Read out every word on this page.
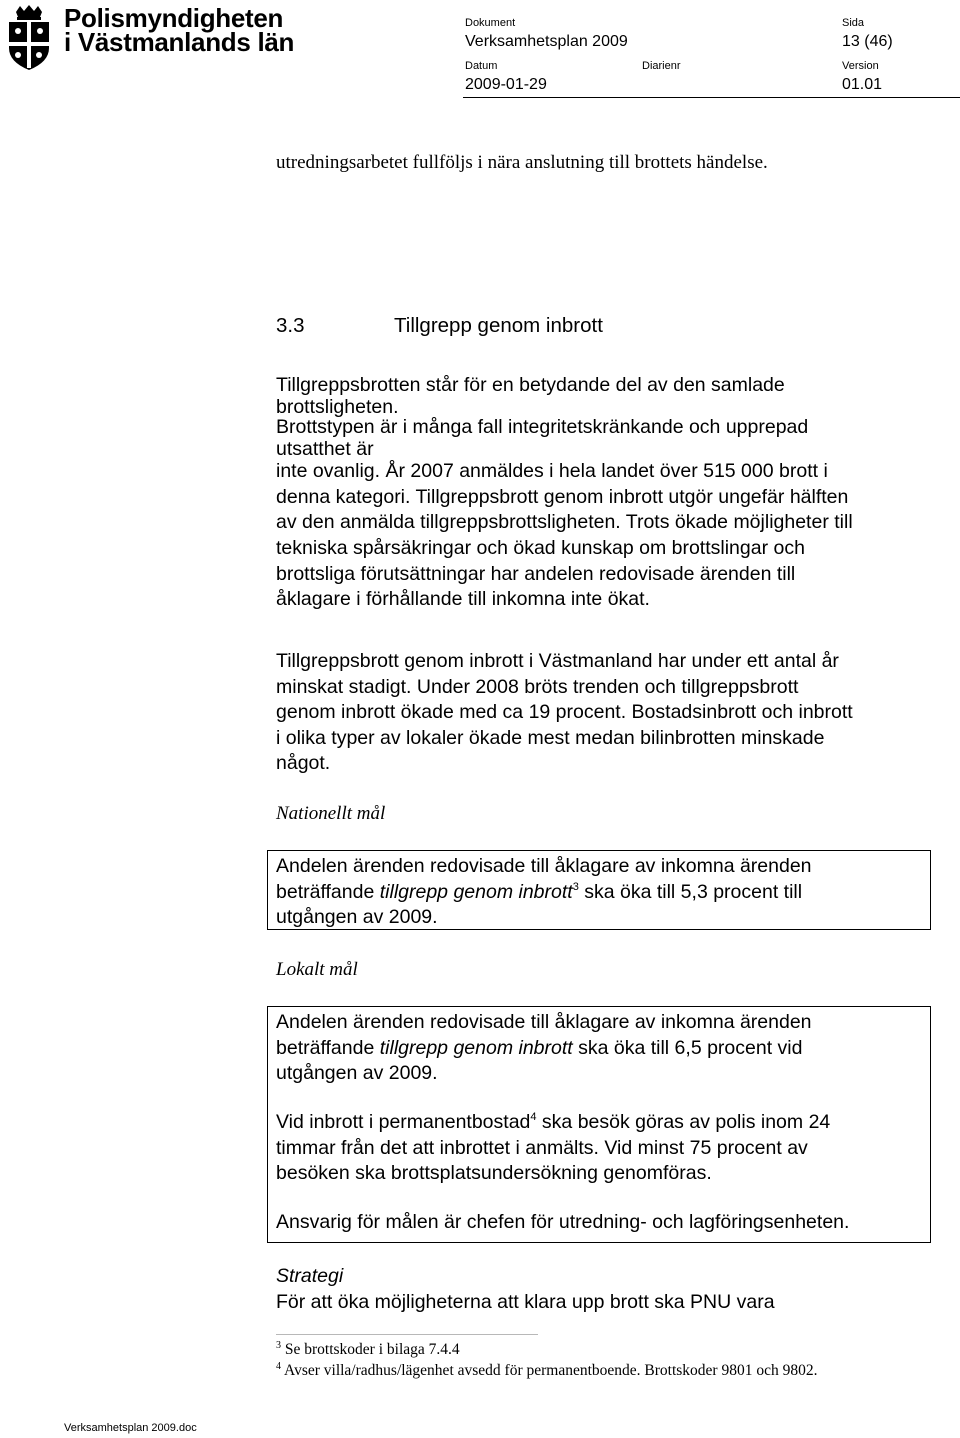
Polismyndigheten
i Västmanlands län
Dokument
Verksamhetsplan 2009
Sida
13 (46)
Datum
2009-01-29
Diarienr	Version
01.01
utredningsarbetet fullföljs i nära anslutning till brottets händelse.
3.3	Tillgrepp genom inbrott
Tillgreppsbrotten står för en betydande del av den samlade
brottsligheten.
Brottstypen är i många fall integritetskränkande och upprepad
utsatthet är
inte ovanlig. År 2007 anmäldes i hela landet över 515 000 brott i
denna kategori. Tillgreppsbrott genom inbrott utgör ungefär hälften
av den anmälda tillgreppsbrottsligheten. Trots ökade möjligheter till
tekniska spårsäkringar och ökad kunskap om brottslingar och
brottsliga förutsättningar har andelen redovisade ärenden till
åklagare i förhållande till inkomna inte ökat.
Tillgreppsbrott genom inbrott i Västmanland har under ett antal år
minskat stadigt. Under 2008 bröts trenden och tillgreppsbrott
genom inbrott ökade med ca 19 procent. Bostadsinbrott och inbrott
i olika typer av lokaler ökade mest medan bilinbrotten minskade
något.
Nationellt mål
Andelen ärenden redovisade till åklagare av inkomna ärenden
beträffande tillgrepp genom inbrott$^3$ ska öka till 5,3 procent till
utgången av 2009.
Lokalt mål
Andelen ärenden redovisade till åklagare av inkomna ärenden
beträffande tillgrepp genom inbrott ska öka till 6,5 procent vid
utgången av 2009.
Vid inbrott i permanentbostad$^4$ ska besök göras av polis inom 24
timmar från det att inbrottet i anmälts. Vid minst 75 procent av
besöken ska brottsplatsundersökning genomföras.
Ansvarig för målen är chefen för utredning- och lagföringsenheten.
Strategi
För att öka möjligheterna att klara upp brott ska PNU vara
$^3$ Se brottskoder i bilaga 7.4.4
$^4$ Avser villa/radhus/lägenhet avsedd för permanentboende. Brottskoder 9801 och 9802.
Verksamhetsplan 2009.doc
